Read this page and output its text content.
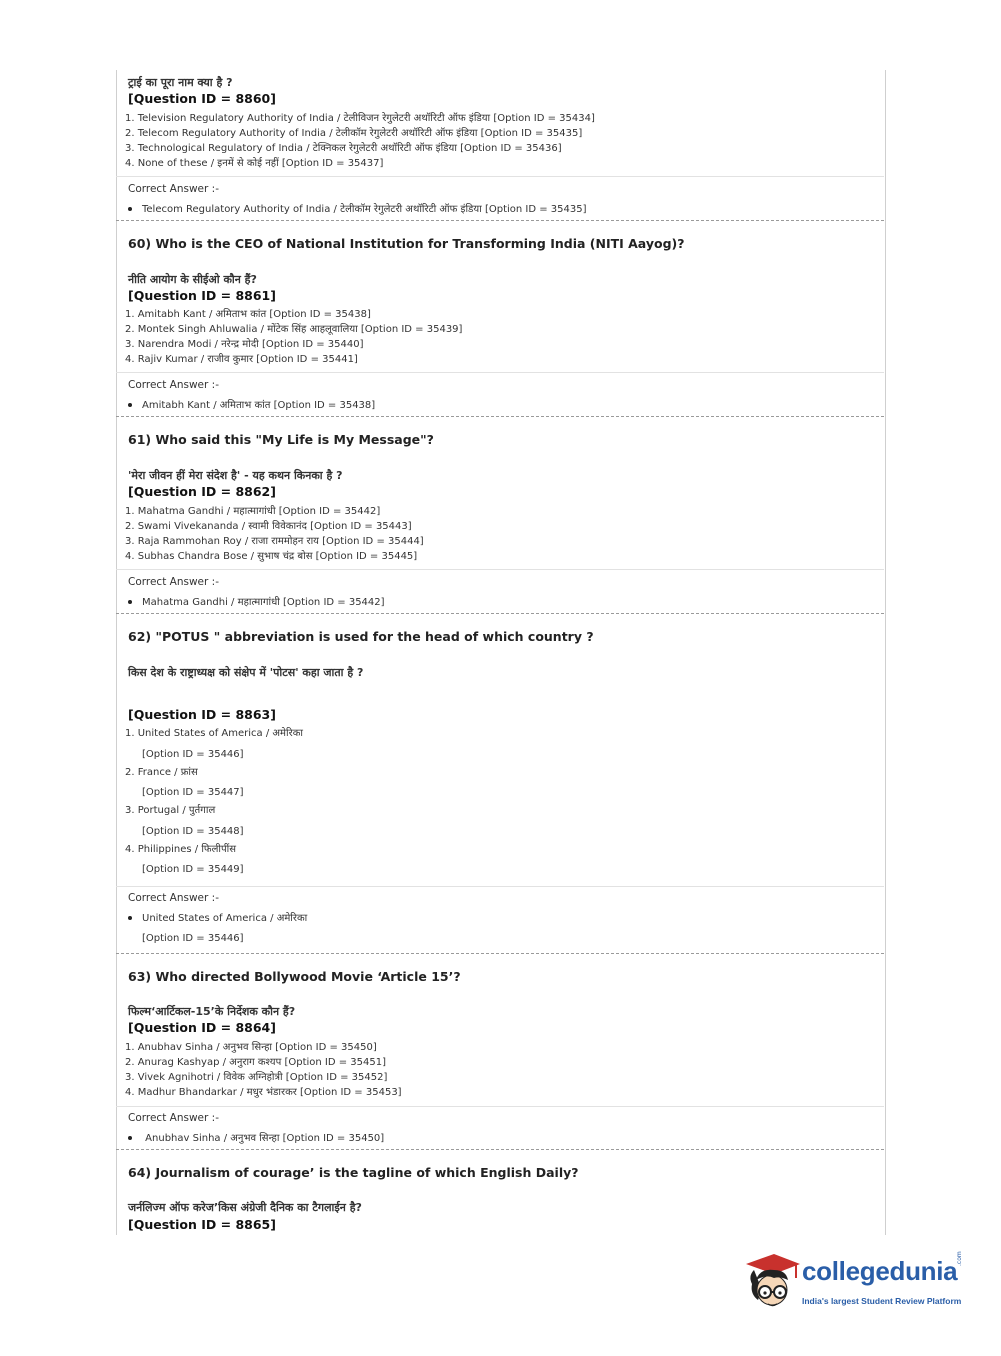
ट्राई का पूरा नाम क्या है ?
[Question ID = 8860]
1. Television Regulatory Authority of India / टेलीविजन रेगुलेटरी अथॉरिटी ऑफ इंडिया [Option ID = 35434]
2. Telecom Regulatory Authority of India / टेलीकॉम रेगुलेटरी अथॉरिटी ऑफ इंडिया [Option ID = 35435]
3. Technological Regulatory of India / टेक्निकल रेगुलेटरी अथॉरिटी ऑफ इंडिया [Option ID = 35436]
4. None of these / इनमें से कोई नहीं [Option ID = 35437]
Correct Answer :-
Telecom Regulatory Authority of India / टेलीकॉम रेगुलेटरी अथॉरिटी ऑफ इंडिया [Option ID = 35435]
60) Who is the CEO of National Institution for Transforming India (NITI Aayog)?
नीति आयोग के सीईओ कौन हैं?
[Question ID = 8861]
1. Amitabh Kant / अमिताभ कांत [Option ID = 35438]
2. Montek Singh Ahluwalia / मोंटेक सिंह आहलूवालिया [Option ID = 35439]
3. Narendra Modi / नरेन्द्र मोदी [Option ID = 35440]
4. Rajiv Kumar / राजीव कुमार [Option ID = 35441]
Correct Answer :-
Amitabh Kant / अमिताभ कांत [Option ID = 35438]
61) Who said this "My Life is My Message"?
'मेरा जीवन हीं मेरा संदेश है' - यह कथन किनका है ?
[Question ID = 8862]
1. Mahatma Gandhi / महात्मागांधी [Option ID = 35442]
2. Swami Vivekananda / स्वामी विवेकानंद [Option ID = 35443]
3. Raja Rammohan Roy / राजा राममोहन राय [Option ID = 35444]
4. Subhas Chandra Bose / सुभाष चंद्र बोस [Option ID = 35445]
Correct Answer :-
Mahatma Gandhi / महात्मागांधी [Option ID = 35442]
62) "POTUS " abbreviation is used for the head of which country ?
किस देश के राष्ट्राध्यक्ष को संक्षेप में 'पोटस' कहा जाता है ?
[Question ID = 8863]
1. United States of America / अमेरिका
[Option ID = 35446]
2. France / फ्रांस
[Option ID = 35447]
3. Portugal / पुर्तगाल
[Option ID = 35448]
4. Philippines / फिलीपींस
[Option ID = 35449]
Correct Answer :-
United States of America / अमेरिका
[Option ID = 35446]
63) Who directed Bollywood Movie ‘Article 15’?
फिल्म‘आर्टिकल-15’के निर्देशक कौन हैं?
[Question ID = 8864]
1. Anubhav Sinha / अनुभव सिन्हा [Option ID = 35450]
2. Anurag Kashyap / अनुराग कश्यप [Option ID = 35451]
3. Vivek Agnihotri / विवेक अग्निहोत्री [Option ID = 35452]
4. Madhur Bhandarkar / मधुर भंडारकर [Option ID = 35453]
Correct Answer :-
Anubhav Sinha / अनुभव सिन्हा [Option ID = 35450]
64) Journalism of courage’ is the tagline of which English Daily?
जर्नलिज्म ऑफ करेज’किस अंग्रेजी दैनिक का टैगलाईन है?
[Question ID = 8865]
collegedunia
.com
India's largest Student Review Platform
